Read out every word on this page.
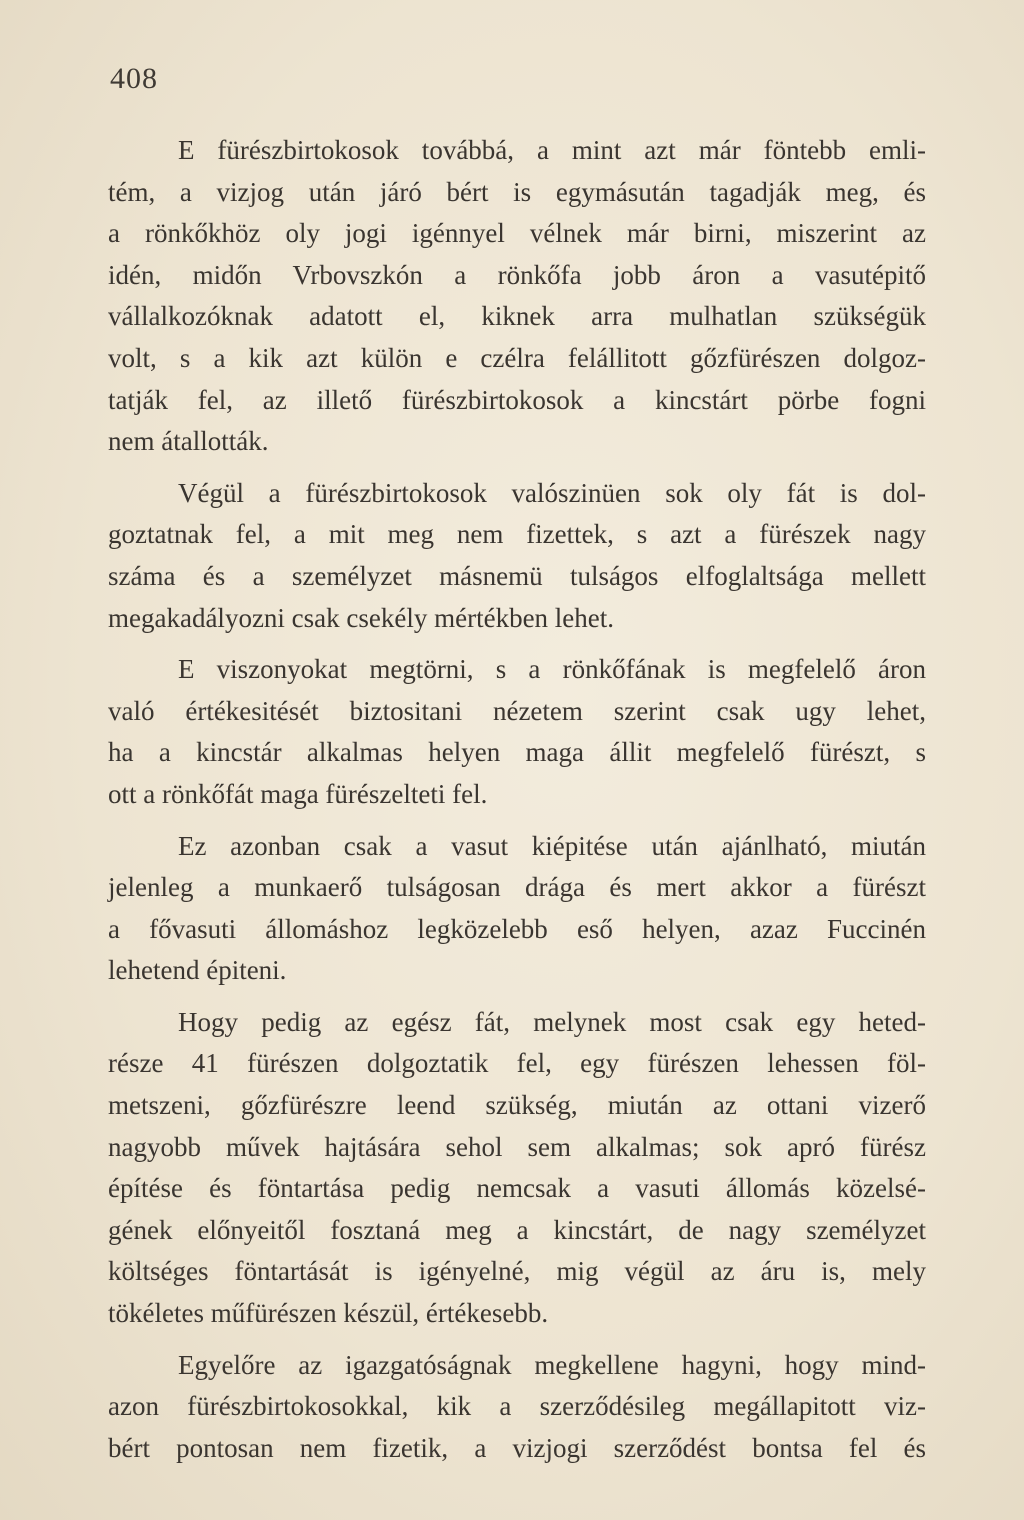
408
E fürészbirtokosok továbbá, a mint azt már föntebb emli-
tém, a vizjog után járó bért is egymásután tagadják meg, és
a rönkőkhöz oly jogi igénnyel vélnek már birni, miszerint az
idén, midőn Vrbovszkón a rönkőfa jobb áron a vasutépitő
vállalkozóknak adatott el, kiknek arra mulhatlan szükségük
volt, s a kik azt külön e czélra felállitott gőzfürészen dolgoz-
tatják fel, az illető fürészbirtokosok a kincstárt pörbe fogni
nem átallották.
Végül a fürészbirtokosok valószinüen sok oly fát is dol-
goztatnak fel, a mit meg nem fizettek, s azt a fürészek nagy
száma és a személyzet másnemü tulságos elfoglaltsága mellett
megakadályozni csak csekély mértékben lehet.
E viszonyokat megtörni, s a rönkőfának is megfelelő áron
való értékesitését biztositani nézetem szerint csak ugy lehet,
ha a kincstár alkalmas helyen maga állit megfelelő fürészt, s
ott a rönkőfát maga fürészelteti fel.
Ez azonban csak a vasut kiépitése után ajánlható, miután
jelenleg a munkaerő tulságosan drága és mert akkor a fürészt
a fővasuti állomáshoz legközelebb eső helyen, azaz Fuccinén
lehetend épiteni.
Hogy pedig az egész fát, melynek most csak egy heted-
része 41 fürészen dolgoztatik fel, egy fürészen lehessen föl-
metszeni, gőzfürészre leend szükség, miután az ottani vizerő
nagyobb művek hajtására sehol sem alkalmas; sok apró fürész
építése és föntartása pedig nemcsak a vasuti állomás közelsé-
gének előnyeitől fosztaná meg a kincstárt, de nagy személyzet
költséges föntartását is igényelné, mig végül az áru is, mely
tökéletes műfürészen készül, értékesebb.
Egyelőre az igazgatóságnak megkellene hagyni, hogy mind-
azon fürészbirtokosokkal, kik a szerződésileg megállapitott viz-
bért pontosan nem fizetik, a vizjogi szerződést bontsa fel és
